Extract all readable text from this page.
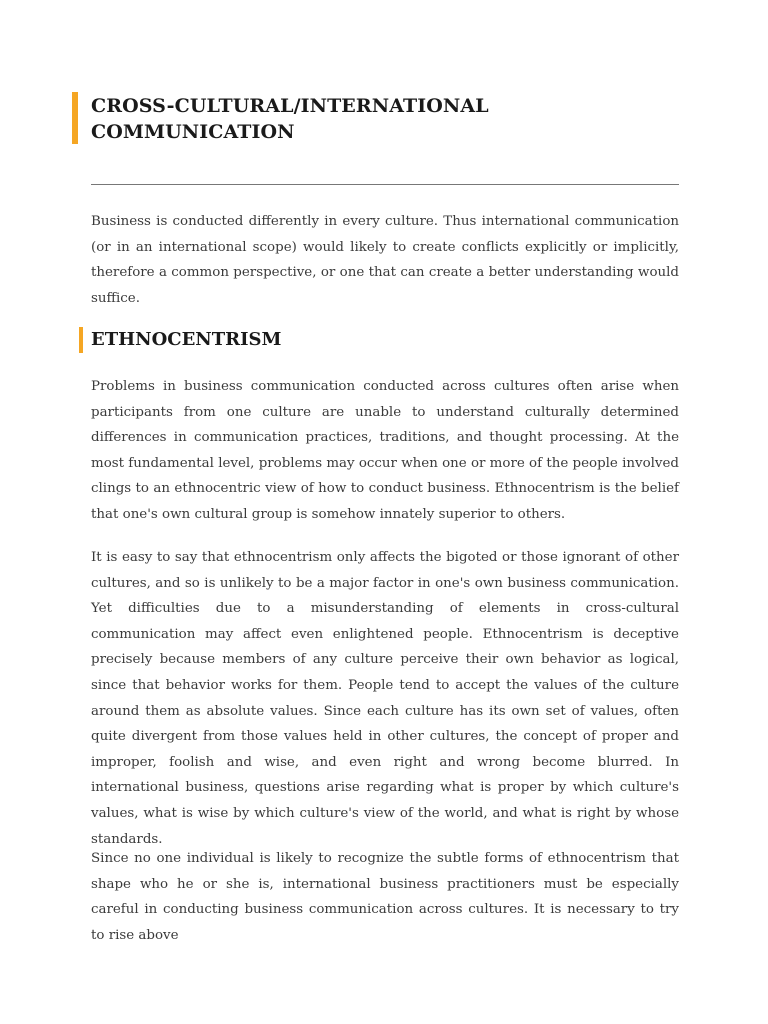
CROSS-CULTURAL/INTERNATIONAL COMMUNICATION

Business is conducted differently in every culture. Thus international communication (or in an international scope) would likely to create conflicts explicitly or implicitly, therefore a common perspective, or one that can create a better understanding would suffice.

ETHNOCENTRISM

Problems in business communication conducted across cultures often arise when participants from one culture are unable to understand culturally determined differences in communication practices, traditions, and thought processing. At the most fundamental level, problems may occur when one or more of the people involved clings to an ethnocentric view of how to conduct business. Ethnocentrism is the belief that one's own cultural group is somehow innately superior to others.

It is easy to say that ethnocentrism only affects the bigoted or those ignorant of other cultures, and so is unlikely to be a major factor in one's own business communication. Yet difficulties due to a misunderstanding of elements in cross-cultural communication may affect even enlightened people. Ethnocentrism is deceptive precisely because members of any culture perceive their own behavior as logical, since that behavior works for them. People tend to accept the values of the culture around them as absolute values. Since each culture has its own set of values, often quite divergent from those values held in other cultures, the concept of proper and improper, foolish and wise, and even right and wrong become blurred. In international business, questions arise regarding what is proper by which culture's values, what is wise by which culture's view of the world, and what is right by whose standards.

Since no one individual is likely to recognize the subtle forms of ethnocentrism that shape who he or she is, international business practitioners must be especially careful in conducting business communication across cultures. It is necessary to try to rise above
